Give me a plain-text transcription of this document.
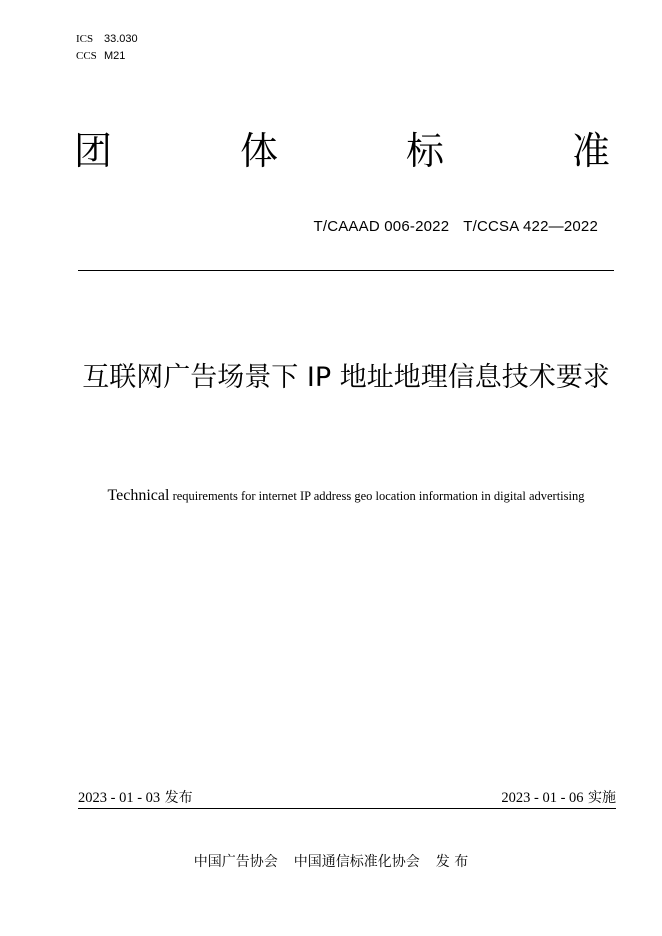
ICS 33.030
CCS M21
团	体	标	准
T/CAAAD 006-2022 T/CCSA 422—2022
互联网广告场景下 IP 地址地理信息技术要求
Technical requirements for internet IP address geo location information in digital advertising
2023 - 01 - 03 发布	2023 - 01 - 06 实施
中国广告协会 中国通信标准化协会 发 布
